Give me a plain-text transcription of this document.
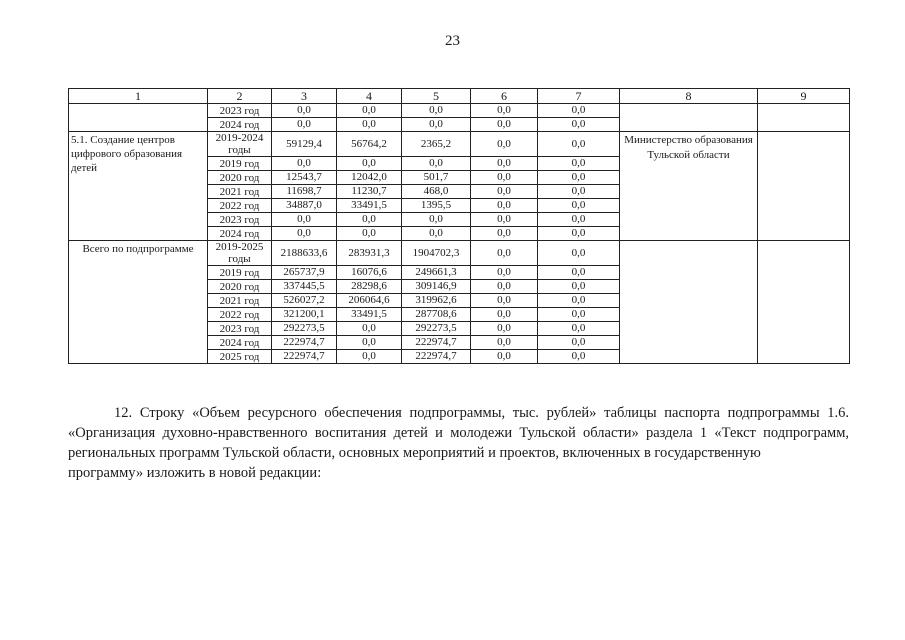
23
1	2	3	4	5	6	7	8	9
	2023 год	0,0	0,0	0,0	0,0	0,0		
	2024 год	0,0	0,0	0,0	0,0	0,0		
5.1. Создание центров цифрового образования детей	2019-2024 годы	59129,4	56764,2	2365,2	0,0	0,0	Министерство образования Тульской области	
	2019 год	0,0	0,0	0,0	0,0	0,0		
	2020 год	12543,7	12042,0	501,7	0,0	0,0		
	2021 год	11698,7	11230,7	468,0	0,0	0,0		
	2022 год	34887,0	33491,5	1395,5	0,0	0,0		
	2023 год	0,0	0,0	0,0	0,0	0,0		
	2024 год	0,0	0,0	0,0	0,0	0,0		
Всего по подпрограмме	2019-2025 годы	2188633,6	283931,3	1904702,3	0,0	0,0		
	2019 год	265737,9	16076,6	249661,3	0,0	0,0		
	2020 год	337445,5	28298,6	309146,9	0,0	0,0		
	2021 год	526027,2	206064,6	319962,6	0,0	0,0		
	2022 год	321200,1	33491,5	287708,6	0,0	0,0		
	2023 год	292273,5	0,0	292273,5	0,0	0,0		
	2024 год	222974,7	0,0	222974,7	0,0	0,0		
	2025 год	222974,7	0,0	222974,7	0,0	0,0		
12. Строку «Объем ресурсного обеспечения подпрограммы, тыс. рублей» таблицы паспорта подпрограммы 1.6. «Организация духовно-нравственного воспитания детей и молодежи Тульской области» раздела 1 «Текст подпрограмм, региональных программ Тульской области, основных мероприятий и проектов, включенных в государственную
программу» изложить в новой редакции:
